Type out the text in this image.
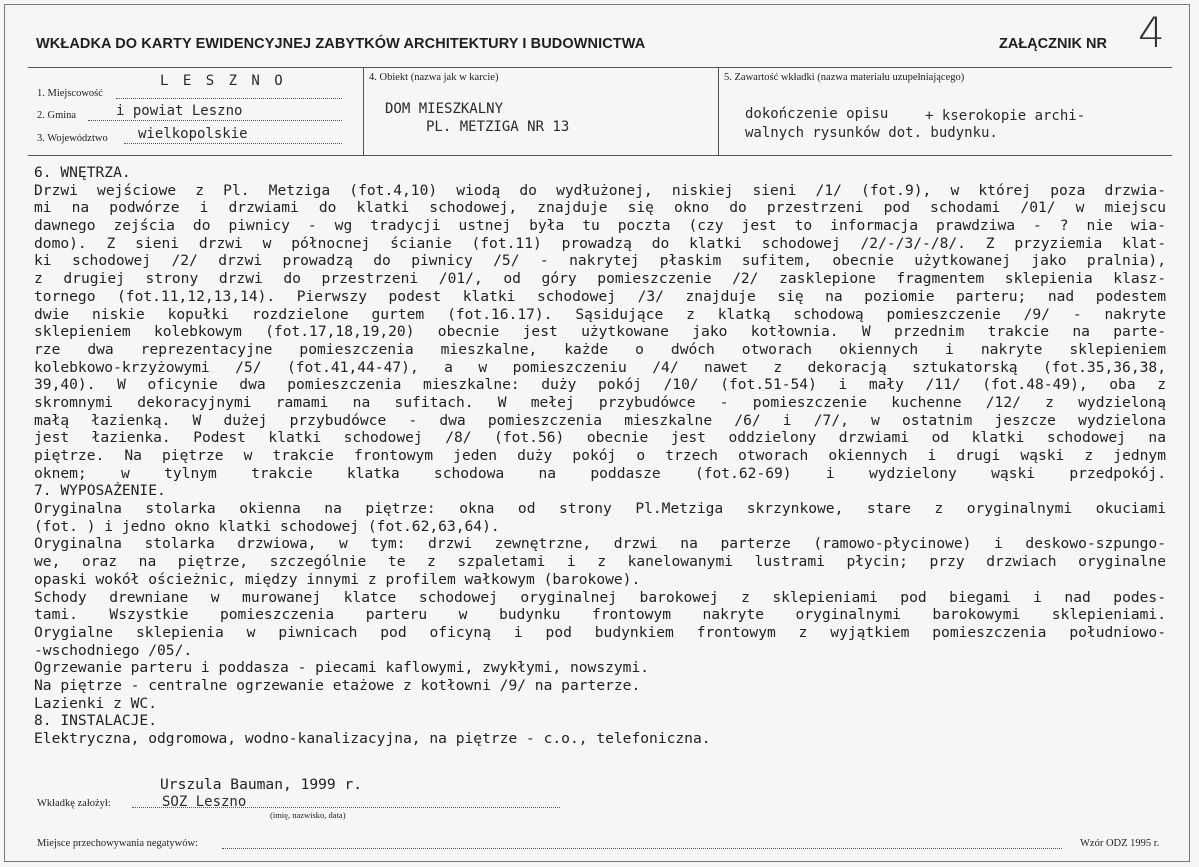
WKŁADKA DO KARTY EWIDENCYJNEJ ZABYTKÓW ARCHITEKTURY I BUDOWNICTWA	ZAŁĄCZNIK NR 4
1. Miejscowość
L E S Z N O
2. Gmina	i powiat Leszno
3. Województwo wielkopolskie
4. Obiekt (nazwa jak w karcie)
DOM MIESZKALNY
PL. METZIGA NR 13
5. Zawartość wkładki (nazwa materiału uzupełniającego)
dokończenie opisu	+ kserokopie archi-
walnych rysunków dot. budynku.
6. WNĘTRZA.
Drzwi wejściowe z Pl. Metziga (fot.4,10) wiodą do wydłużonej, niskiej sieni /1/ (fot.9), w której poza drzwia-
mi na podwórze i drzwiami do klatki schodowej, znajduje się okno do przestrzeni pod schodami /01/ w miejscu
dawnego zejścia do piwnicy - wg tradycji ustnej była tu poczta (czy jest to informacja prawdziwa - ? nie wia-
domo). Z sieni drzwi w północnej ścianie (fot.11) prowadzą do klatki schodowej /2/-/3/-/8/. Z przyziemia klat-
ki schodowej /2/ drzwi prowadzą do piwnicy /5/ - nakrytej płaskim sufitem, obecnie użytkowanej jako pralnia),
z drugiej strony drzwi do przestrzeni /01/, od góry pomieszczenie /2/ zasklepione fragmentem sklepienia klasz-
tornego (fot.11,12,13,14). Pierwszy podest klatki schodowej /3/ znajduje się na poziomie parteru; nad podestem
dwie niskie kopułki rozdzielone gurtem (fot.16.17). Sąsidujące z klatką schodową pomieszczenie /9/ - nakryte
sklepieniem kolebkowym (fot.17,18,19,20) obecnie jest użytkowane jako kotłownia. W przednim trakcie na parte-
rze dwa reprezentacyjne pomieszczenia mieszkalne, każde o dwóch otworach okiennych i nakryte sklepieniem
kolebkowo-krzyżowymi /5/ (fot.41,44-47), a w pomieszczeniu /4/ nawet z dekoracją sztukatorską (fot.35,36,38,
39,40). W oficynie dwa pomieszczenia mieszkalne: duży pokój /10/ (fot.51-54) i mały /11/ (fot.48-49), oba z
skromnymi dekoracyjnymi ramami na sufitach. W mełej przybudówce - pomieszczenie kuchenne /12/ z wydzieloną
małą łazienką. W dużej przybudówce - dwa pomieszczenia mieszkalne /6/ i /7/, w ostatnim jeszcze wydzielona
jest łazienka. Podest klatki schodowej /8/ (fot.56) obecnie jest oddzielony drzwiami od klatki schodowej na
piętrze. Na piętrze w trakcie frontowym jeden duży pokój o trzech otworach okiennych i drugi wąski z jednym
oknem; w tylnym trakcie klatka schodowa na poddasze (fot.62-69) i wydzielony wąski przedpokój.
7. WYPOSAŻENIE.
Oryginalna stolarka okienna na piętrze: okna od strony Pl.Metziga skrzynkowe, stare z oryginalnymi okuciami
(fot. ) i jedno okno klatki schodowej (fot.62,63,64).
Oryginalna stolarka drzwiowa, w tym: drzwi zewnętrzne, drzwi na parterze (ramowo-płycinowe) i deskowo-szpungo-
we, oraz na piętrze, szczególnie te z szpaletami i z kanelowanymi lustrami płycin; przy drzwiach oryginalne
opaski wokół ościeżnic, między innymi z profilem wałkowym (barokowe).
Schody drewniane w murowanej klatce schodowej oryginalnej barokowej z sklepieniami pod biegami i nad podes-
tami. Wszystkie pomieszczenia parteru w budynku frontowym nakryte oryginalnymi barokowymi sklepieniami.
Orygialne sklepienia w piwnicach pod oficyną i pod budynkiem frontowym z wyjątkiem pomieszczenia południowo-
-wschodniego /05/.
Ogrzewanie parteru i poddasza - piecami kaflowymi, zwykłymi, nowszymi.
Na piętrze - centralne ogrzewanie etażowe z kotłowni /9/ na parterze.
Lazienki z WC.
8. INSTALACJE.
Elektryczna, odgromowa, wodno-kanalizacyjna, na piętrze - c.o., telefoniczna.
Urszula Bauman, 1999 r.
Wkładkę założył:	SOZ Leszno
(imię, nazwisko, data)
Miejsce przechowywania negatywów:	Wzór ODZ 1995 r.
